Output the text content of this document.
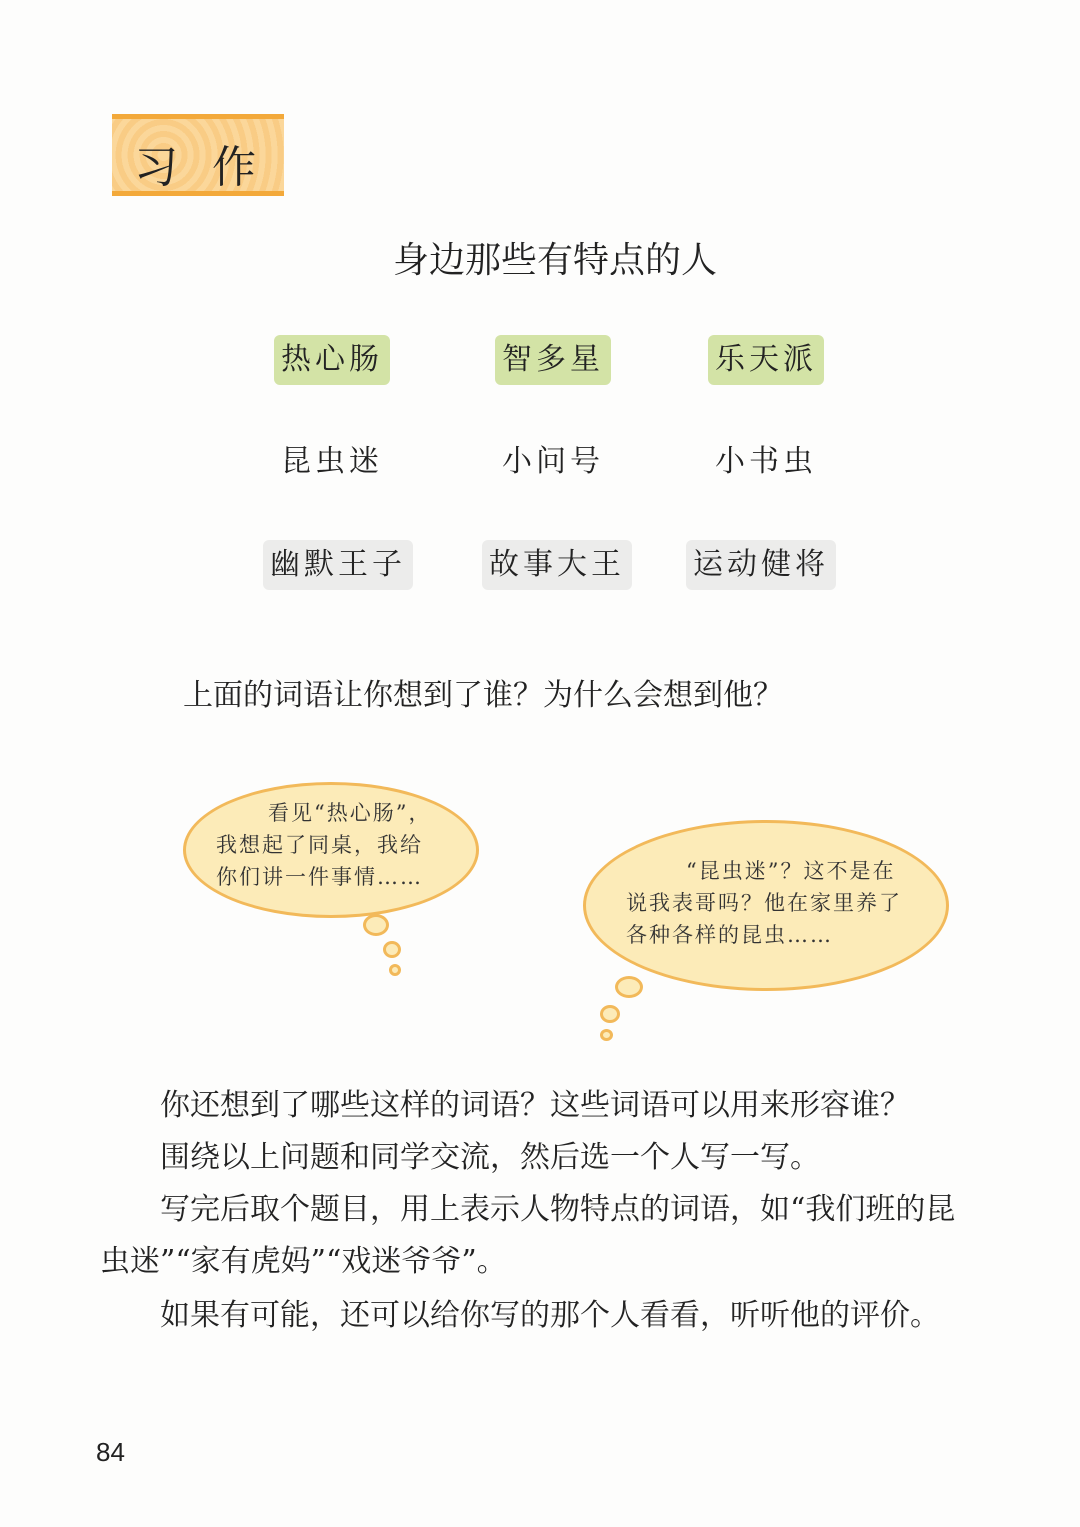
习 作
身边那些有特点的人
热心肠	智多星	乐天派
昆虫迷	小问号	小书虫
幽默王子	故事大王 运动健将
上面的词语让你想到了谁？为什么会想到他？
看见“热心肠”，
我想起了同桌，我给
你们讲一件事情……	“昆虫迷”？这不是在
说我表哥吗？他在家里养了
各种各样的昆虫……
你还想到了哪些这样的词语？这些词语可以用来形容谁？
围绕以上问题和同学交流，然后选一个人写一写。
写完后取个题目，用上表示人物特点的词语，如“我们班的昆
虫迷”“家有虎妈”“戏迷爷爷”。
如果有可能，还可以给你写的那个人看看，听听他的评价。
84
